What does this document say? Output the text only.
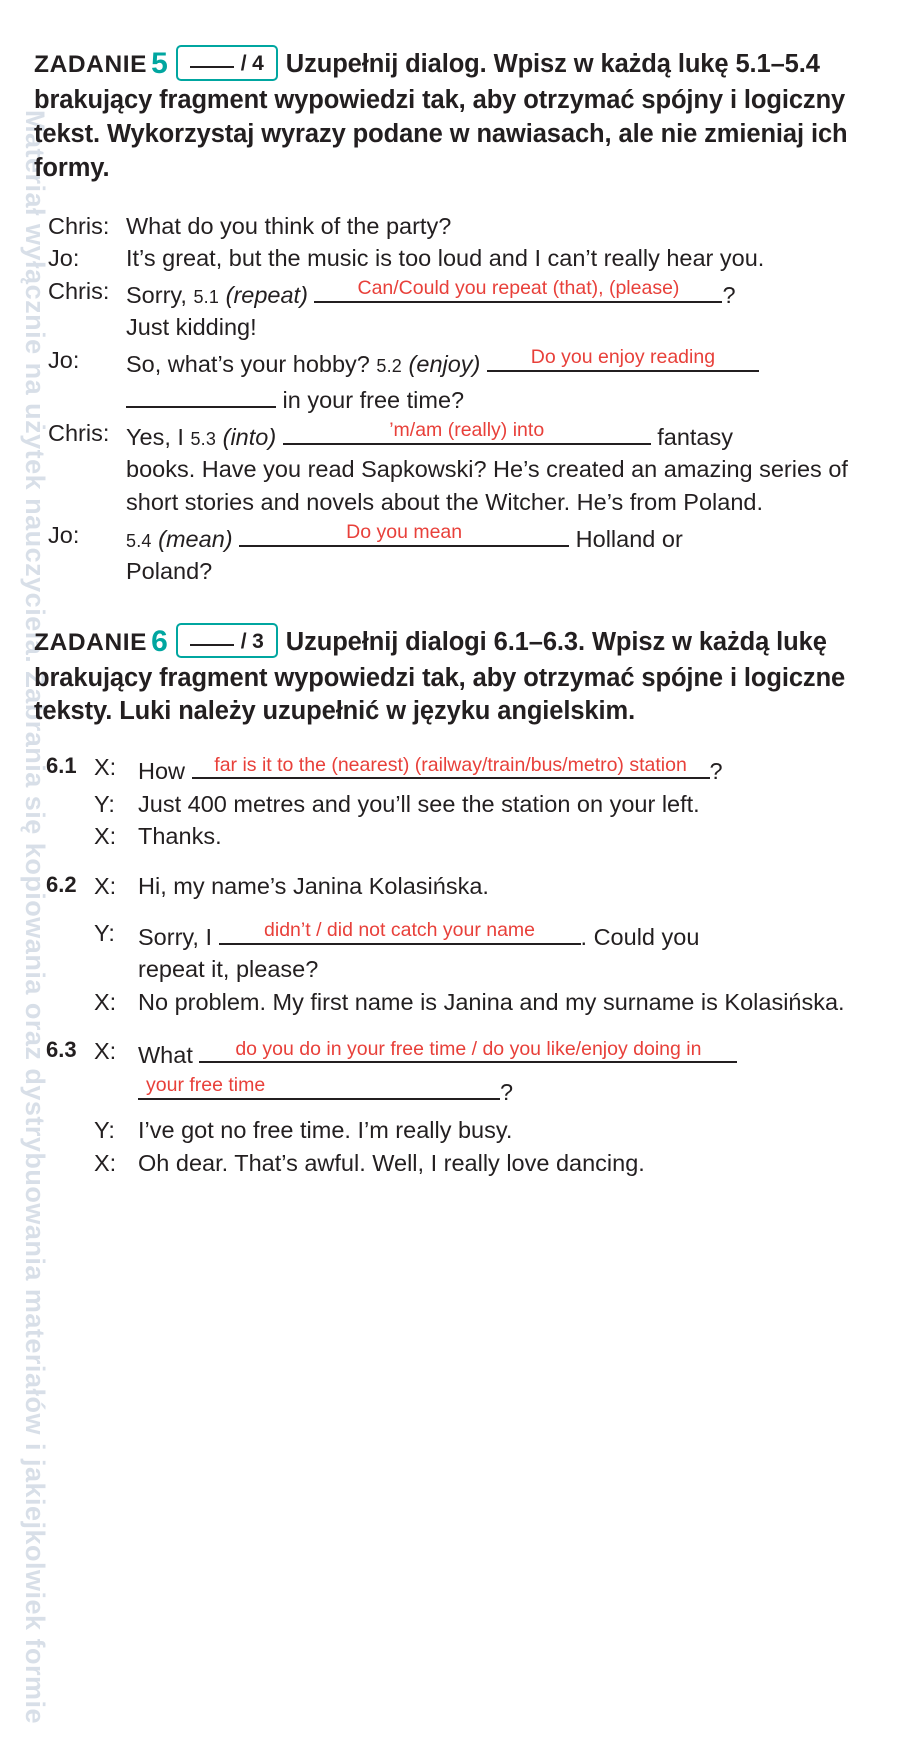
Materiał wyłącznie na użytek nauczyciela. Zabrania się kopiowania oraz dystrybuowania materiałów i jakiejkolwiek formie
ZADANIE 5	/ 4 Uzupełnij dialog. Wpisz w każdą lukę 5.1–5.4 brakujący fragment wypowiedzi tak, aby otrzymać spójny i logiczny tekst. Wykorzystaj wyrazy podane w nawiasach, ale nie zmieniaj ich formy.
Chris: What do you think of the party?
Jo:	It’s great, but the music is too loud and I can’t really hear you.
Chris: Sorry, 5.1 (repeat)	Can/Could you repeat (that), (please)	?
Just kidding!
Jo:	So, what’s your hobby? 5.2 (enjoy)	Do you enjoy reading
in your free time?
Chris: Yes, I 5.3 (into)	’m/am (really) into	fantasy
books. Have you read Sapkowski? He’s created an amazing series of short stories and novels about the Witcher. He’s from Poland.
Jo:	5.4 (mean)	Do you mean	Holland or
Poland?
ZADANIE 6	/ 3 Uzupełnij dialogi 6.1–6.3. Wpisz w każdą lukę brakujący fragment wypowiedzi tak, aby otrzymać spójne i logiczne teksty. Luki należy uzupełnić w języku angielskim.
6.1 X: How	far is it to the (nearest) (railway/train/bus/metro) station ?
Y: Just 400 metres and you’ll see the station on your left.
X: Thanks.
6.2 X: Hi, my name’s Janina Kolasińska.
Y: Sorry, I	didn’t / did not catch your name	. Could you
repeat it, please?
X: No problem. My first name is Janina and my surname is Kolasińska.
6.3 X: What	do you do in your free time / do you like/enjoy doing in
your free time	?
Y: I’ve got no free time. I’m really busy.
X: Oh dear. That’s awful. Well, I really love dancing.
